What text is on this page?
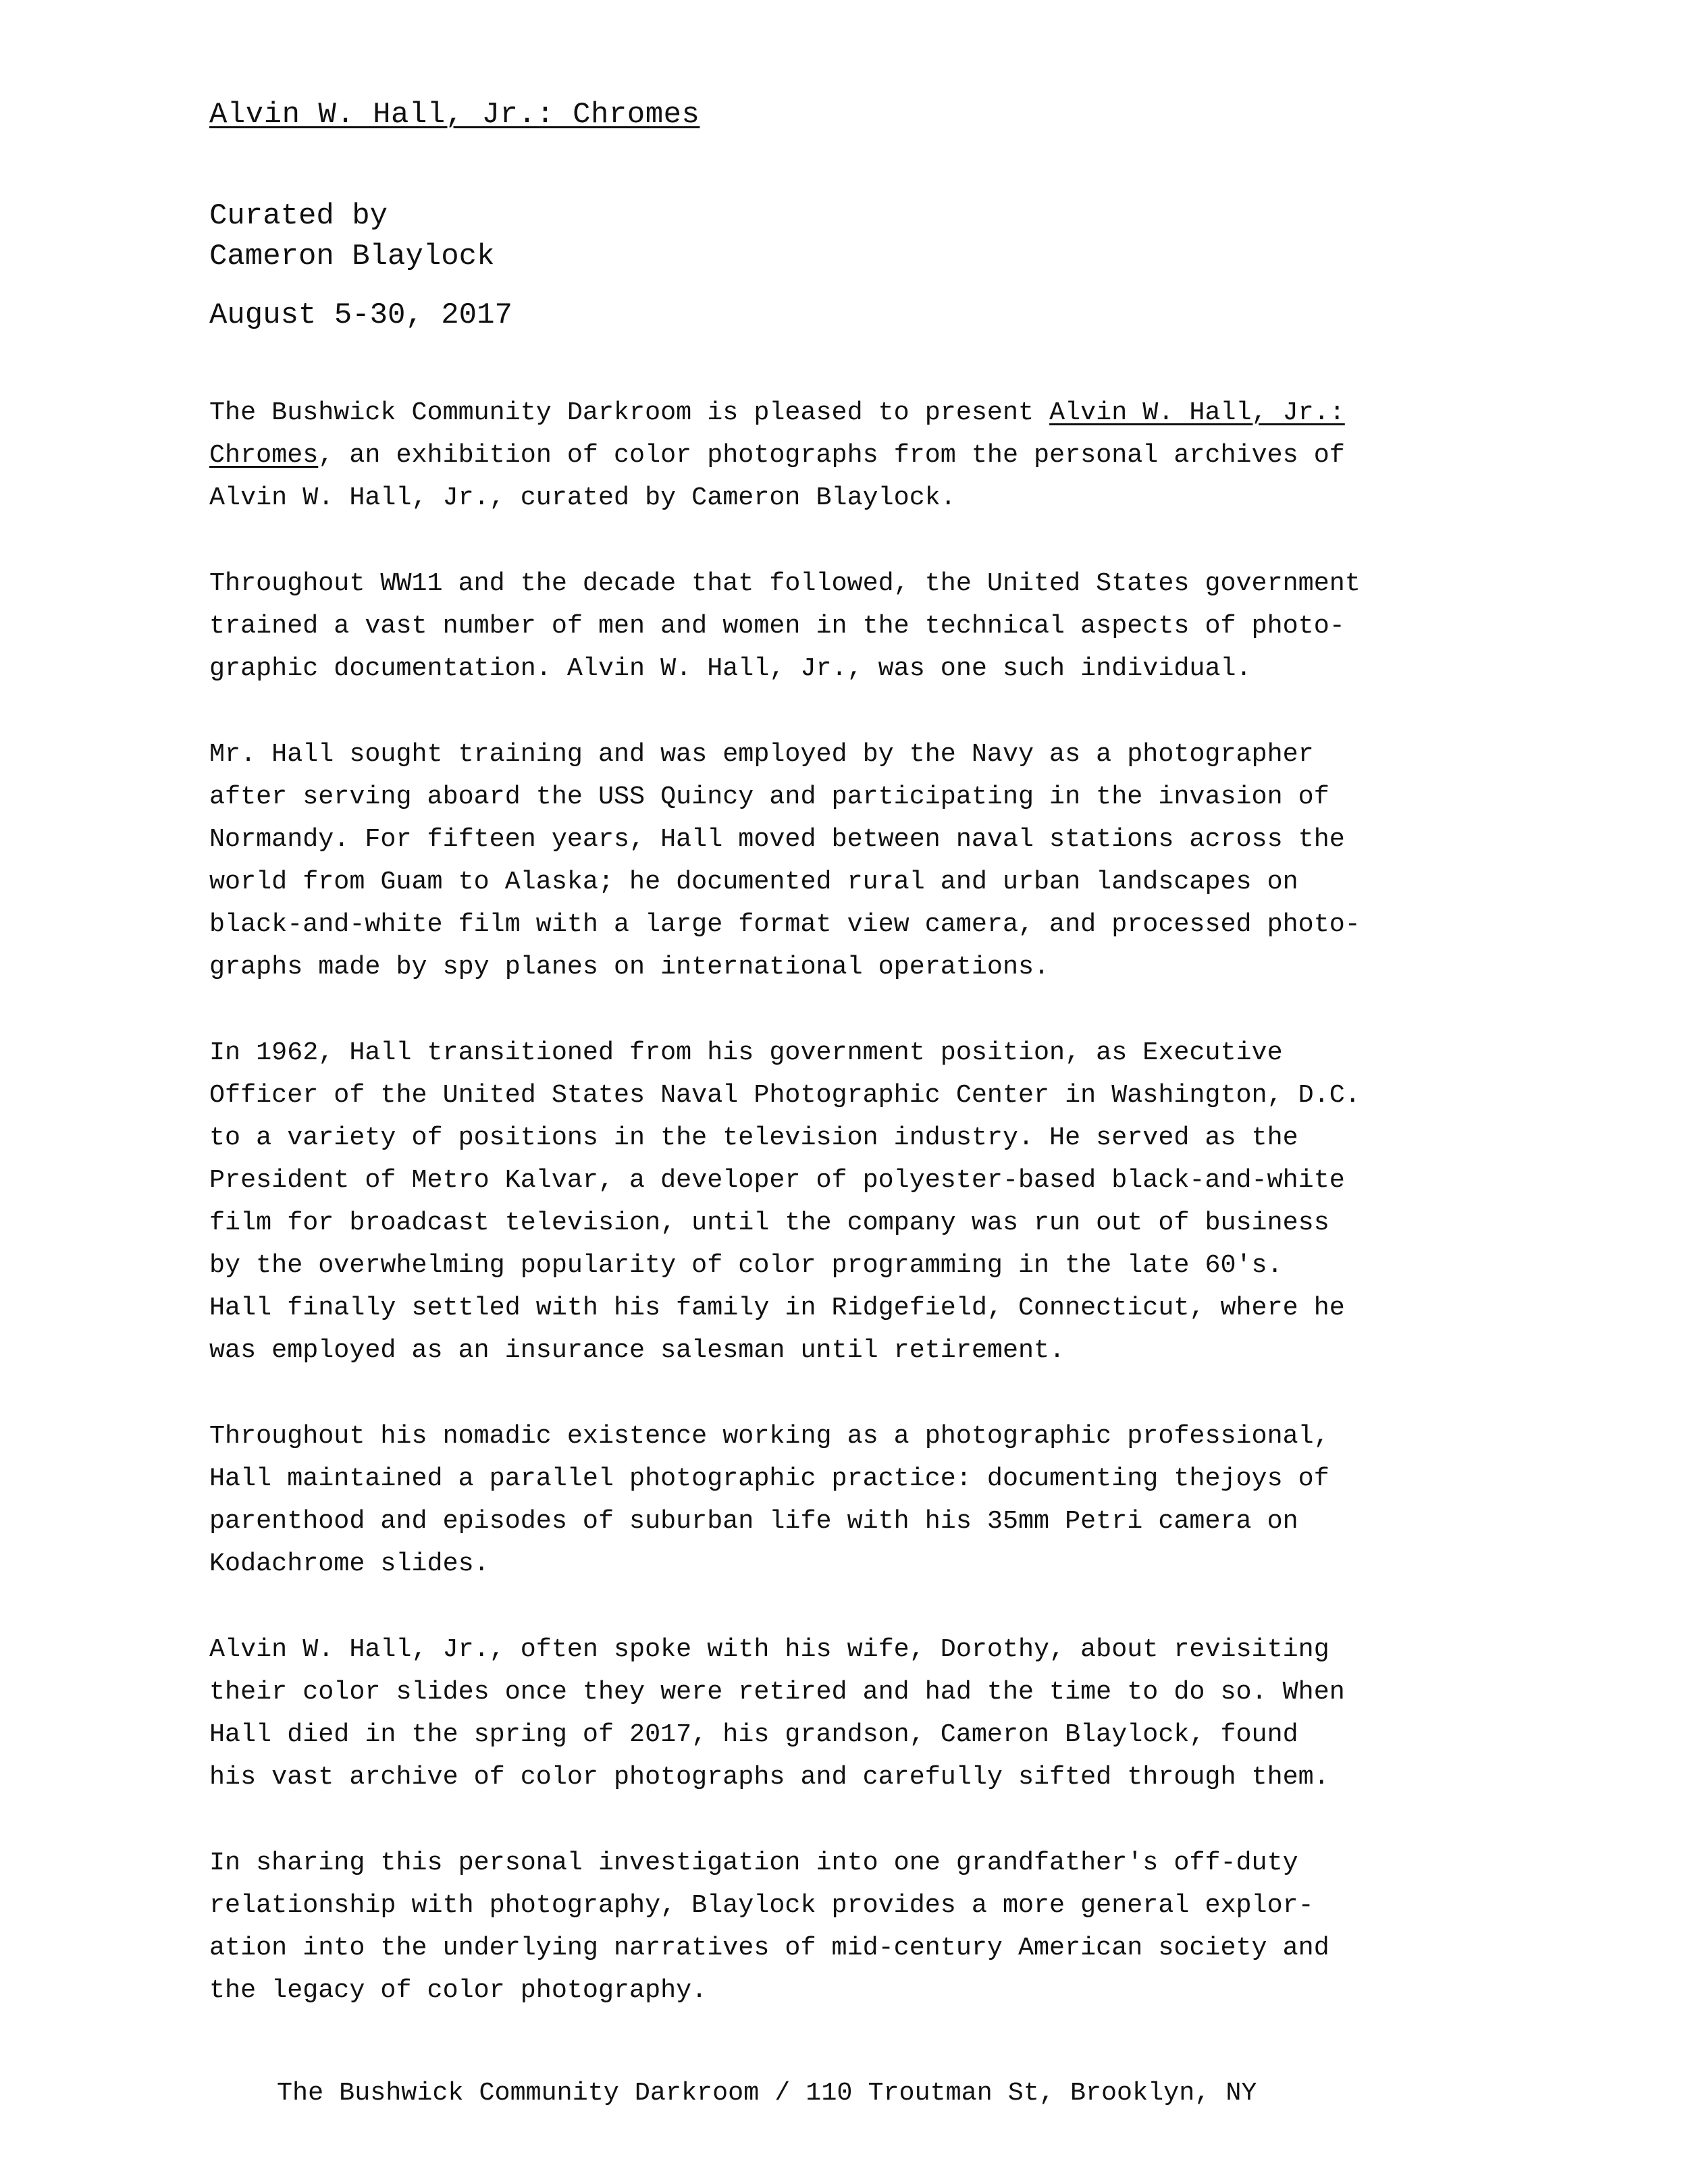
Alvin W. Hall, Jr.: Chromes
Curated by
Cameron Blaylock
August 5-30, 2017
The Bushwick Community Darkroom is pleased to present Alvin W. Hall, Jr.:
Chromes, an exhibition of color photographs from the personal archives of
Alvin W. Hall, Jr., curated by Cameron Blaylock.
Throughout WW11 and the decade that followed, the United States government
trained a vast number of men and women in the technical aspects of photo-
graphic documentation. Alvin W. Hall, Jr., was one such individual.
Mr. Hall sought training and was employed by the Navy as a photographer
after serving aboard the USS Quincy and participating in the invasion of
Normandy. For fifteen years, Hall moved between naval stations across the
world from Guam to Alaska; he documented rural and urban landscapes on
black-and-white film with a large format view camera, and processed photo-
graphs made by spy planes on international operations.
In 1962, Hall transitioned from his government position, as Executive
Officer of the United States Naval Photographic Center in Washington, D.C.
to a variety of positions in the television industry. He served as the
President of Metro Kalvar, a developer of polyester-based black-and-white
film for broadcast television, until the company was run out of business
by the overwhelming popularity of color programming in the late 60's.
Hall finally settled with his family in Ridgefield, Connecticut, where he
was employed as an insurance salesman until retirement.
Throughout his nomadic existence working as a photographic professional,
Hall maintained a parallel photographic practice: documenting thejoys of
parenthood and episodes of suburban life with his 35mm Petri camera on
Kodachrome slides.
Alvin W. Hall, Jr., often spoke with his wife, Dorothy, about revisiting
their color slides once they were retired and had the time to do so. When
Hall died in the spring of 2017, his grandson, Cameron Blaylock, found
his vast archive of color photographs and carefully sifted through them.
In sharing this personal investigation into one grandfather's off-duty
relationship with photography, Blaylock provides a more general explor-
ation into the underlying narratives of mid-century American society and
the legacy of color photography.
The Bushwick Community Darkroom / 110 Troutman St, Brooklyn, NY
